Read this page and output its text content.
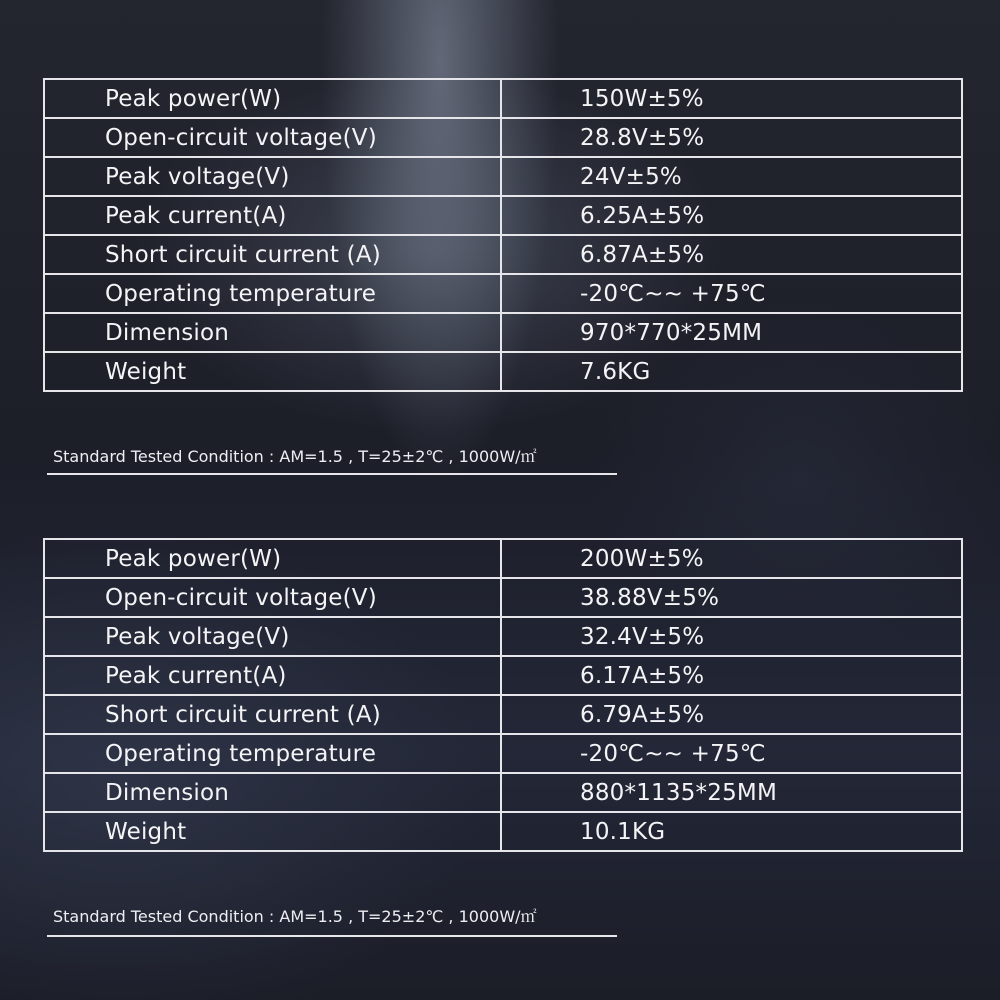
Peak power(W)	150W±5%
Open-circuit voltage(V)	28.8V±5%
Peak voltage(V)	24V±5%
Peak current(A)	6.25A±5%
Short circuit current (A)	6.87A±5%
Operating temperature	-20℃~~ +75℃
Dimension	970*770*25MM
Weight	7.6KG
Standard Tested Condition : AM=1.5 , T=25±2℃ , 1000W/㎡
Peak power(W)	200W±5%
Open-circuit voltage(V)	38.88V±5%
Peak voltage(V)	32.4V±5%
Peak current(A)	6.17A±5%
Short circuit current (A)	6.79A±5%
Operating temperature	-20℃~~ +75℃
Dimension	880*1135*25MM
Weight	10.1KG
Standard Tested Condition : AM=1.5 , T=25±2℃ , 1000W/㎡
